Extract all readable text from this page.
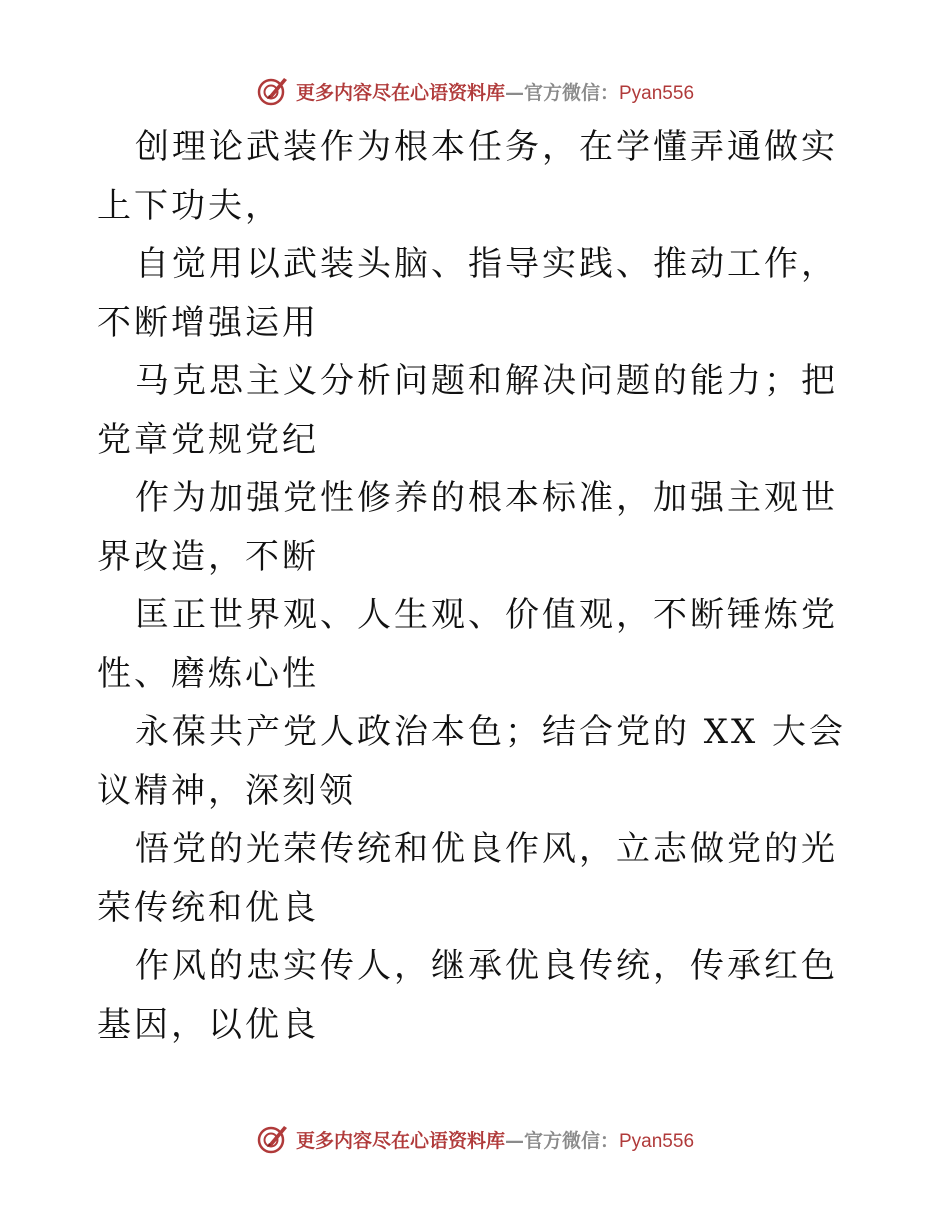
更多内容尽在心语资料库 — 官方微信： Pyan556

创理论武装作为根本任务，在学懂弄通做实上下功夫，

自觉用以武装头脑、指导实践、推动工作，不断增强运用

马克思主义分析问题和解决问题的能力；把党章党规党纪

作为加强党性修养的根本标准，加强主观世界改造，不断

匡正世界观、人生观、价值观，不断锤炼党性、磨炼心性

永葆共产党人政治本色；结合党的 XX 大会议精神，深刻领

悟党的光荣传统和优良作风，立志做党的光荣传统和优良

作风的忠实传人，继承优良传统，传承红色基因，以优良

更多内容尽在心语资料库 — 官方微信： Pyan556
